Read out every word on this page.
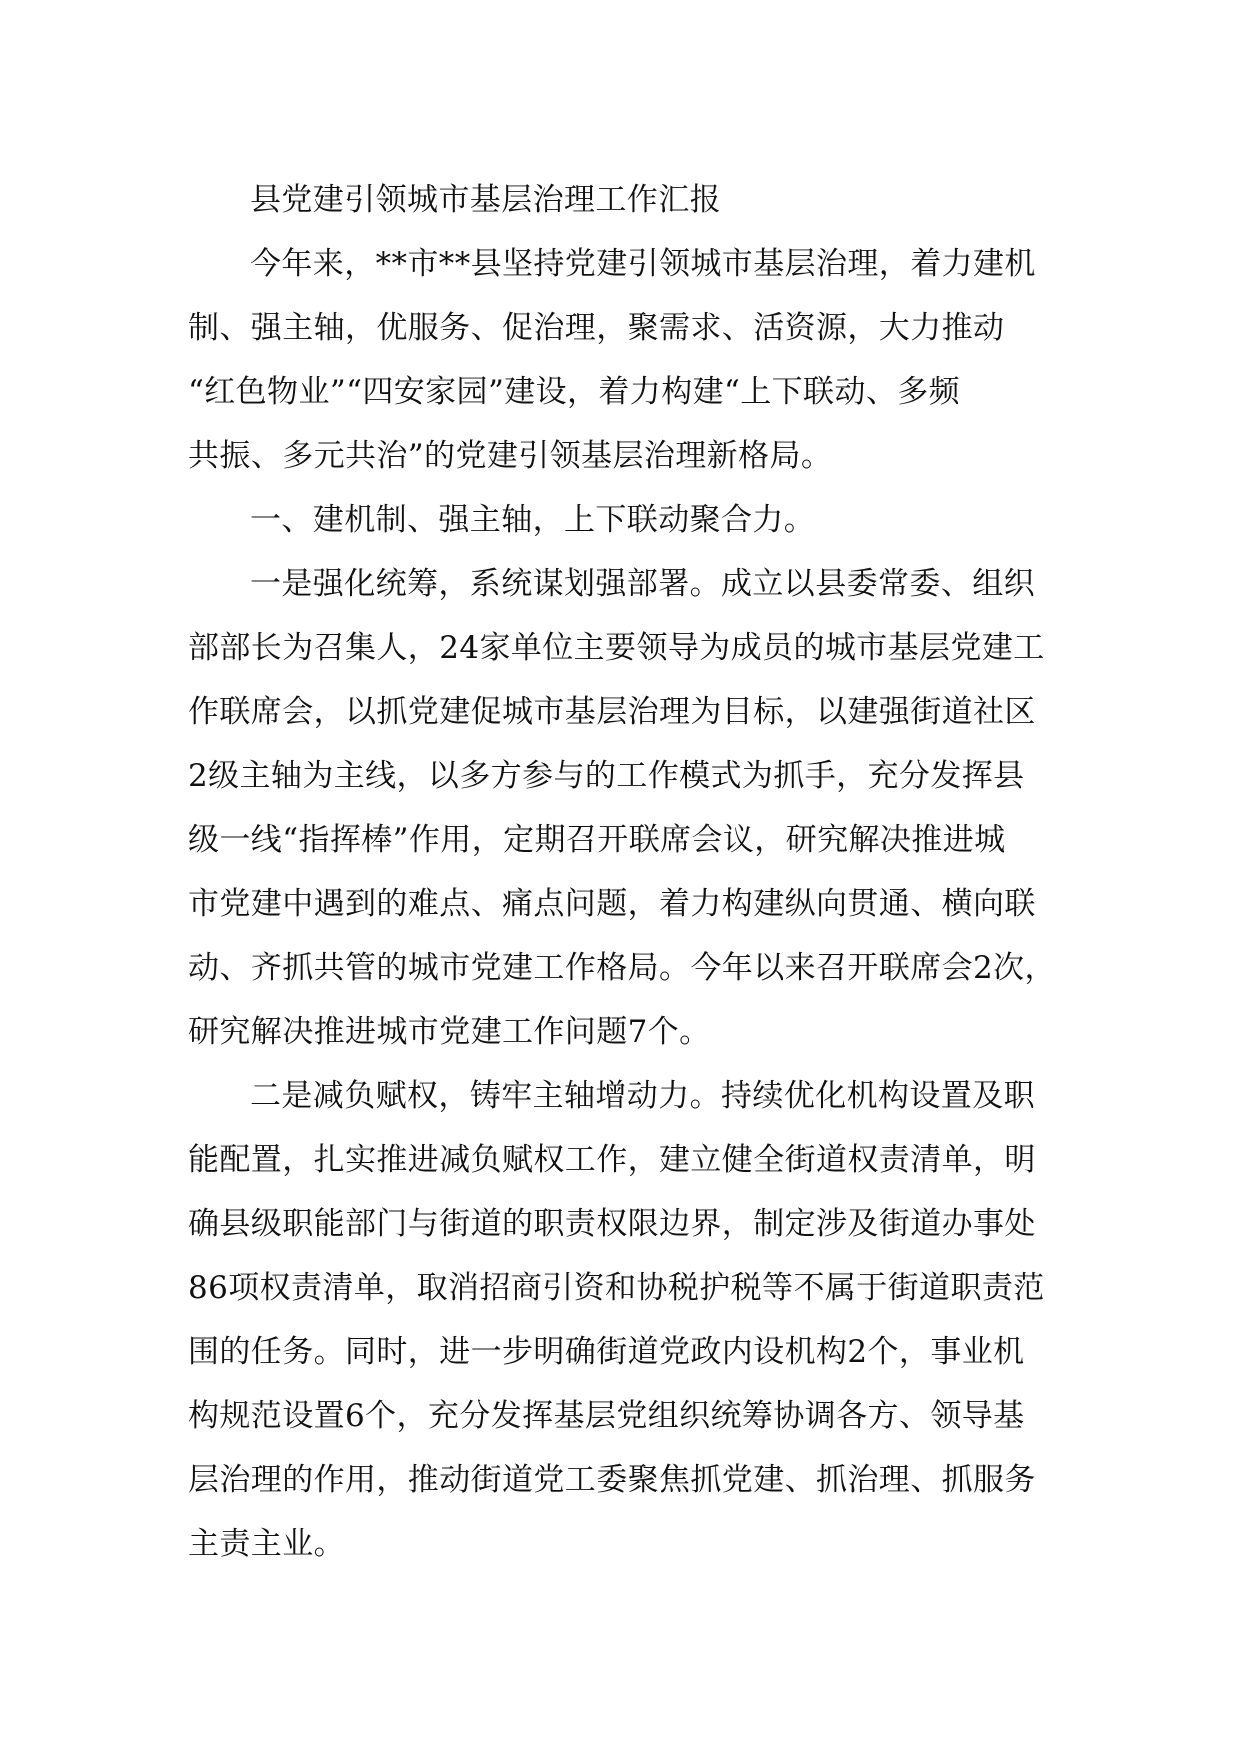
县党建引领城市基层治理工作汇报
今年来，**市**县坚持党建引领城市基层治理，着力建机
制、强主轴，优服务、促治理，聚需求、活资源，大力推动
“红色物业”“四安家园”建设，着力构建“上下联动、多频
共振、多元共治”的党建引领基层治理新格局。
一、建机制、强主轴，上下联动聚合力。
一是强化统筹，系统谋划强部署。成立以县委常委、组织
部部长为召集人，24家单位主要领导为成员的城市基层党建工
作联席会，以抓党建促城市基层治理为目标，以建强街道社区
2级主轴为主线，以多方参与的工作模式为抓手，充分发挥县
级一线“指挥棒”作用，定期召开联席会议，研究解决推进城
市党建中遇到的难点、痛点问题，着力构建纵向贯通、横向联
动、齐抓共管的城市党建工作格局。今年以来召开联席会2次，
研究解决推进城市党建工作问题7个。
二是减负赋权，铸牢主轴增动力。持续优化机构设置及职
能配置，扎实推进减负赋权工作，建立健全街道权责清单，明
确县级职能部门与街道的职责权限边界，制定涉及街道办事处
86项权责清单，取消招商引资和协税护税等不属于街道职责范
围的任务。同时，进一步明确街道党政内设机构2个，事业机
构规范设置6个，充分发挥基层党组织统筹协调各方、领导基
层治理的作用，推动街道党工委聚焦抓党建、抓治理、抓服务
主责主业。
